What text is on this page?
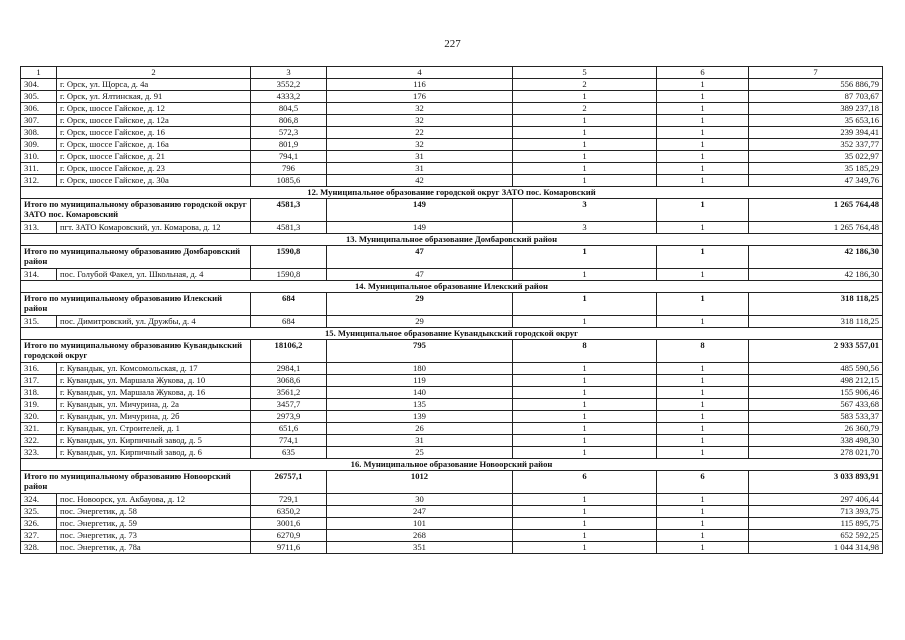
227
1	2	3	4	5	6	7
304.	г. Орск, ул. Щорса, д. 4а	3552,2	116	2	1	556 886,79
305.	г. Орск, ул. Ялтинская, д. 91	4333,2	176	1	1	87 703,67
306.	г. Орск, шоссе Гайское, д. 12	804,5	32	2	1	389 237,18
307.	г. Орск, шоссе Гайское, д. 12а	806,8	32	1	1	35 653,16
308.	г. Орск, шоссе Гайское, д. 16	572,3	22	1	1	239 394,41
309.	г. Орск, шоссе Гайское, д. 16а	801,9	32	1	1	352 337,77
310.	г. Орск, шоссе Гайское, д. 21	794,1	31	1	1	35 022,97
311.	г. Орск, шоссе Гайское, д. 23	796	31	1	1	35 185,29
312.	г. Орск, шоссе Гайское, д. 30а	1085,6	42	1	1	47 349,76
12. Муниципальное образование городской округ ЗАТО пос. Комаровский						
Итого по муниципальному образованию городской округ ЗАТО пос. Комаровский		4581,3	149	3	1	1 265 764,48
313.	пгт. ЗАТО Комаровский, ул. Комарова, д. 12	4581,3	149	3	1	1 265 764,48
13. Муниципальное образование Домбаровский район						
Итого по муниципальному образованию Домбаровский район		1590,8	47	1	1	42 186,30
314.	пос. Голубой Факел, ул. Школьная, д. 4	1590,8	47	1	1	42 186,30
14. Муниципальное образование Илекский район						
Итого по муниципальному образованию Илекский район		684	29	1	1	318 118,25
315.	пос. Димитровский, ул. Дружбы, д. 4	684	29	1	1	318 118,25
15. Муниципальное образование Кувандыкский городской округ						
Итого по муниципальному образованию Кувандыкский городской округ		18106,2	795	8	8	2 933 557,01
316.	г. Кувандык, ул. Комсомольская, д. 17	2984,1	180	1	1	485 590,56
317.	г. Кувандык, ул. Маршала Жукова, д. 10	3068,6	119	1	1	498 212,15
318.	г. Кувандык, ул. Маршала Жукова, д. 16	3561,2	140	1	1	155 906,46
319.	г. Кувандык, ул. Мичурина, д. 2а	3457,7	135	1	1	567 433,68
320.	г. Кувандык, ул. Мичурина, д. 2б	2973,9	139	1	1	583 533,37
321.	г. Кувандык, ул. Строителей, д. 1	651,6	26	1	1	26 360,79
322.	г. Кувандык, ул. Кирпичный завод, д. 5	774,1	31	1	1	338 498,30
323.	г. Кувандык, ул. Кирпичный завод, д. 6	635	25	1	1	278 021,70
16. Муниципальное образование Новоорский район						
Итого по муниципальному образованию Новоорский район		26757,1	1012	6	6	3 033 893,91
324.	пос. Новоорск, ул. Акбауова, д. 12	729,1	30	1	1	297 406,44
325.	пос. Энергетик, д. 58	6350,2	247	1	1	713 393,75
326.	пос. Энергетик, д. 59	3001,6	101	1	1	115 895,75
327.	пос. Энергетик, д. 73	6270,9	268	1	1	652 592,25
328.	пос. Энергетик, д. 78а	9711,6	351	1	1	1 044 314,98
